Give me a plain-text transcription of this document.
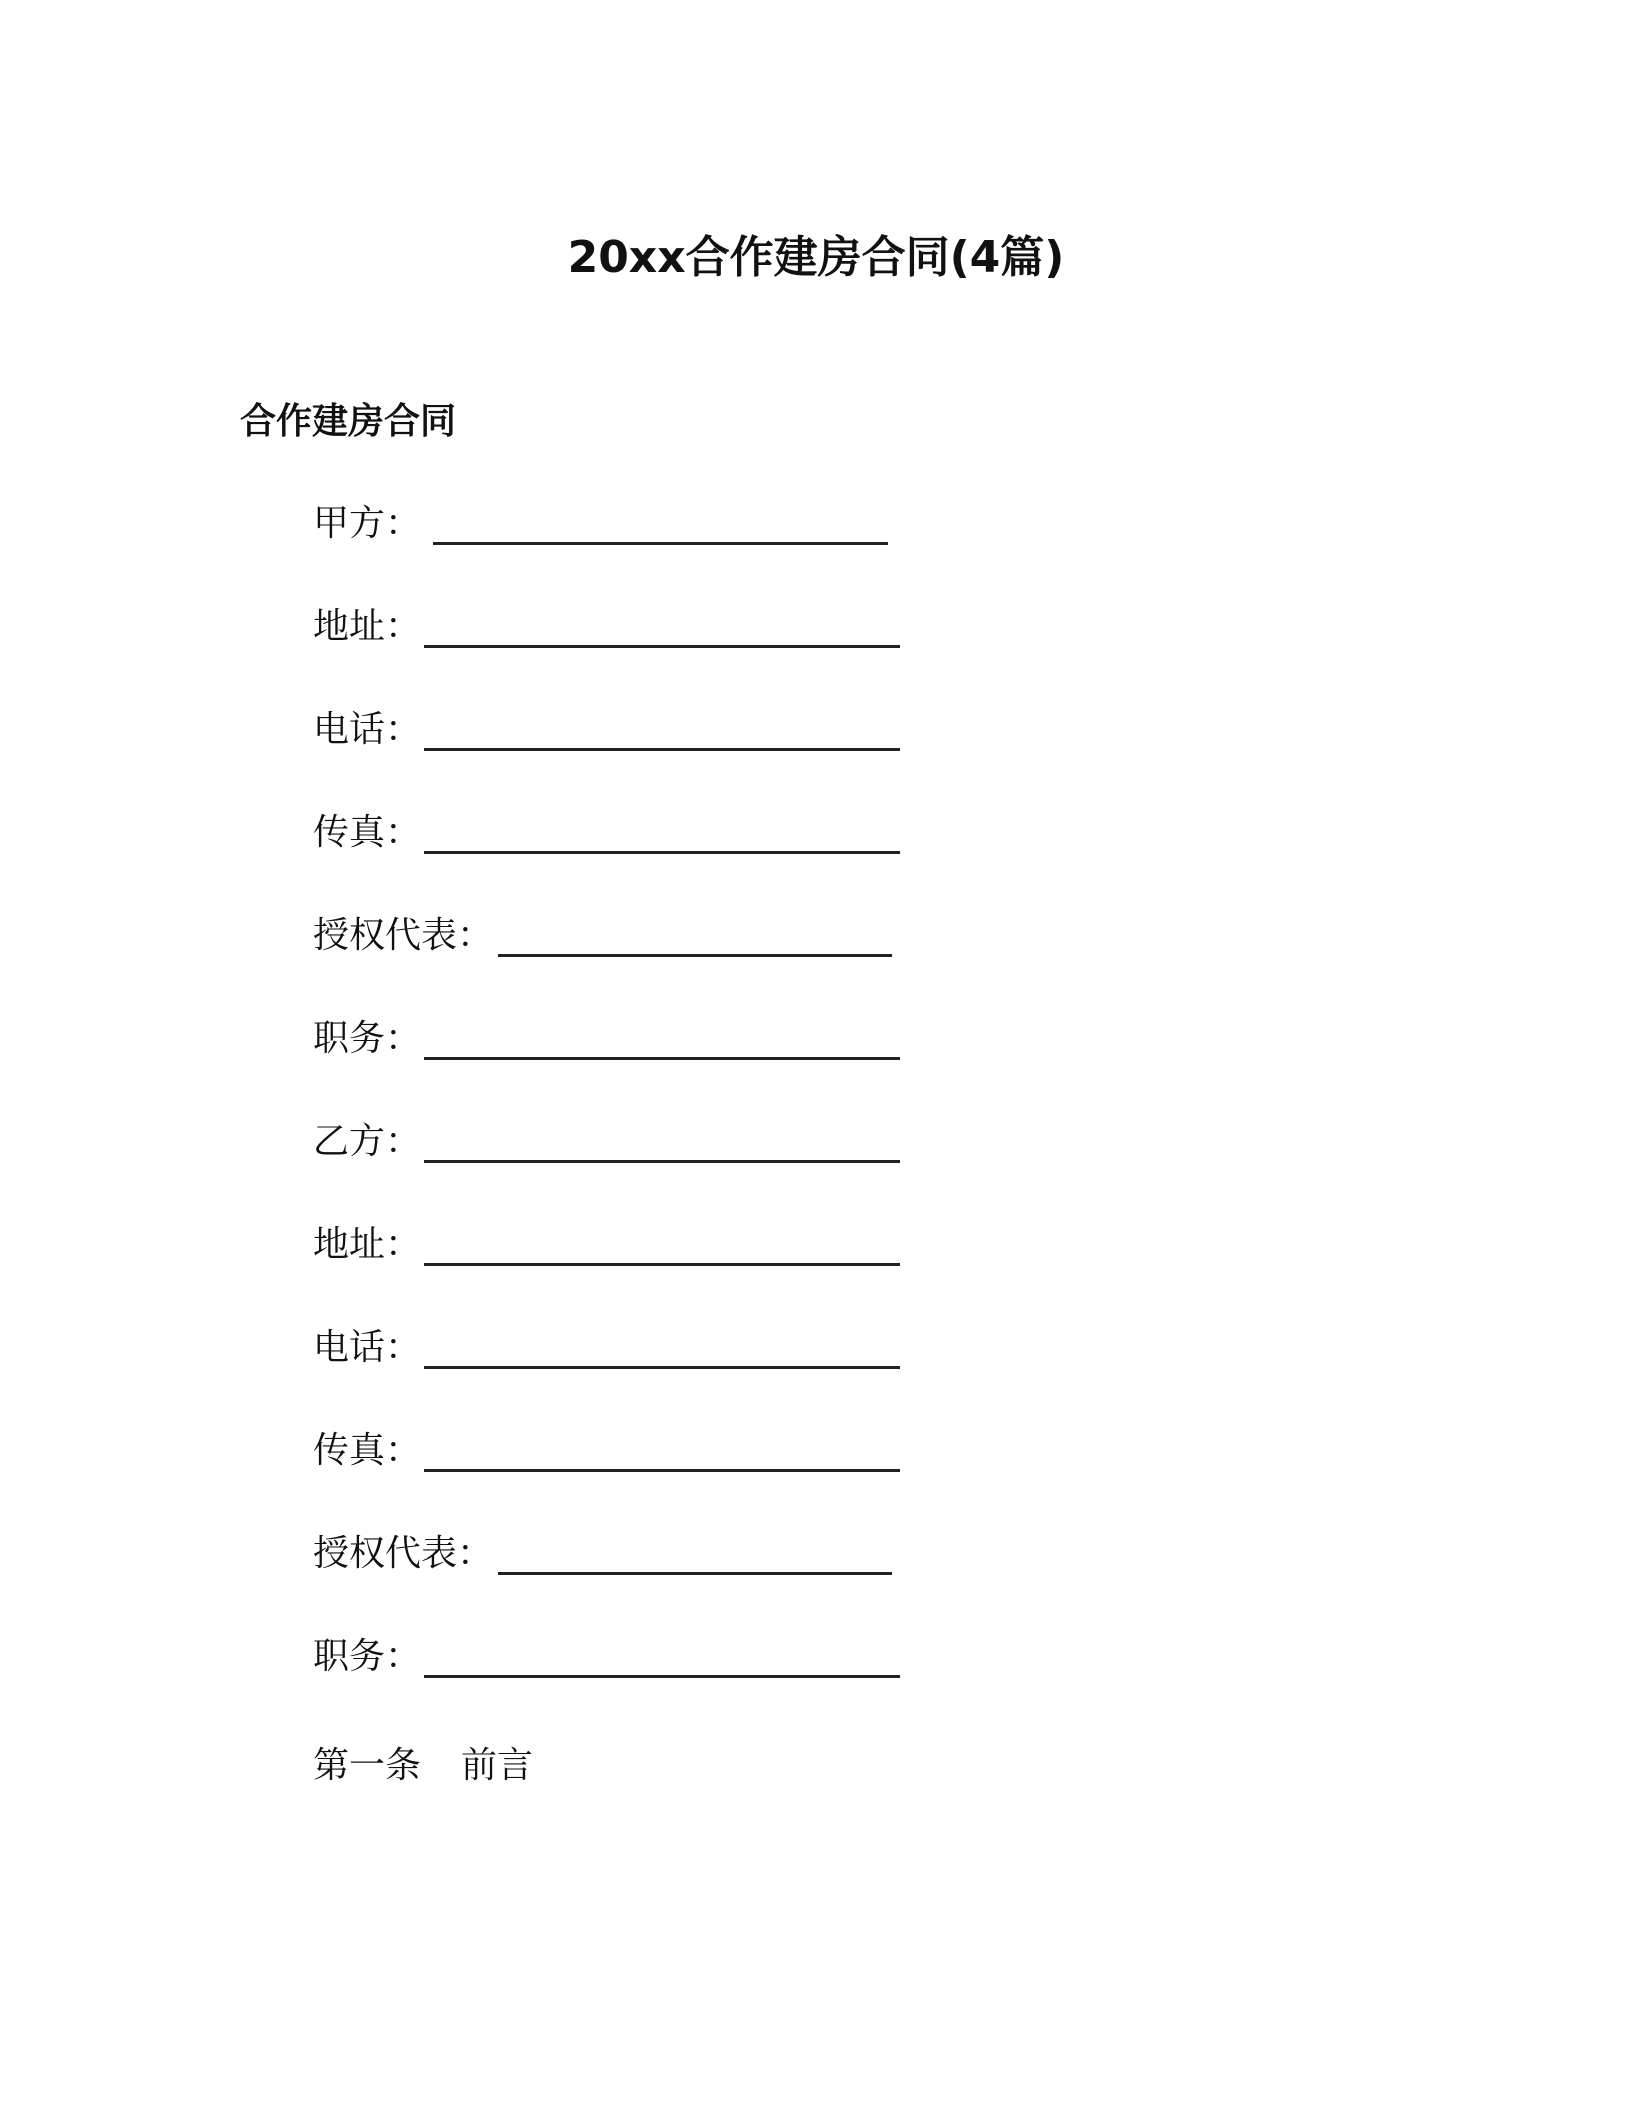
20xx合作建房合同(4篇)
合作建房合同
甲方：
地址：
电话：
传真：
授权代表：
职务：
乙方：
地址：
电话：
传真：
授权代表：
职务：
第一条 前言
